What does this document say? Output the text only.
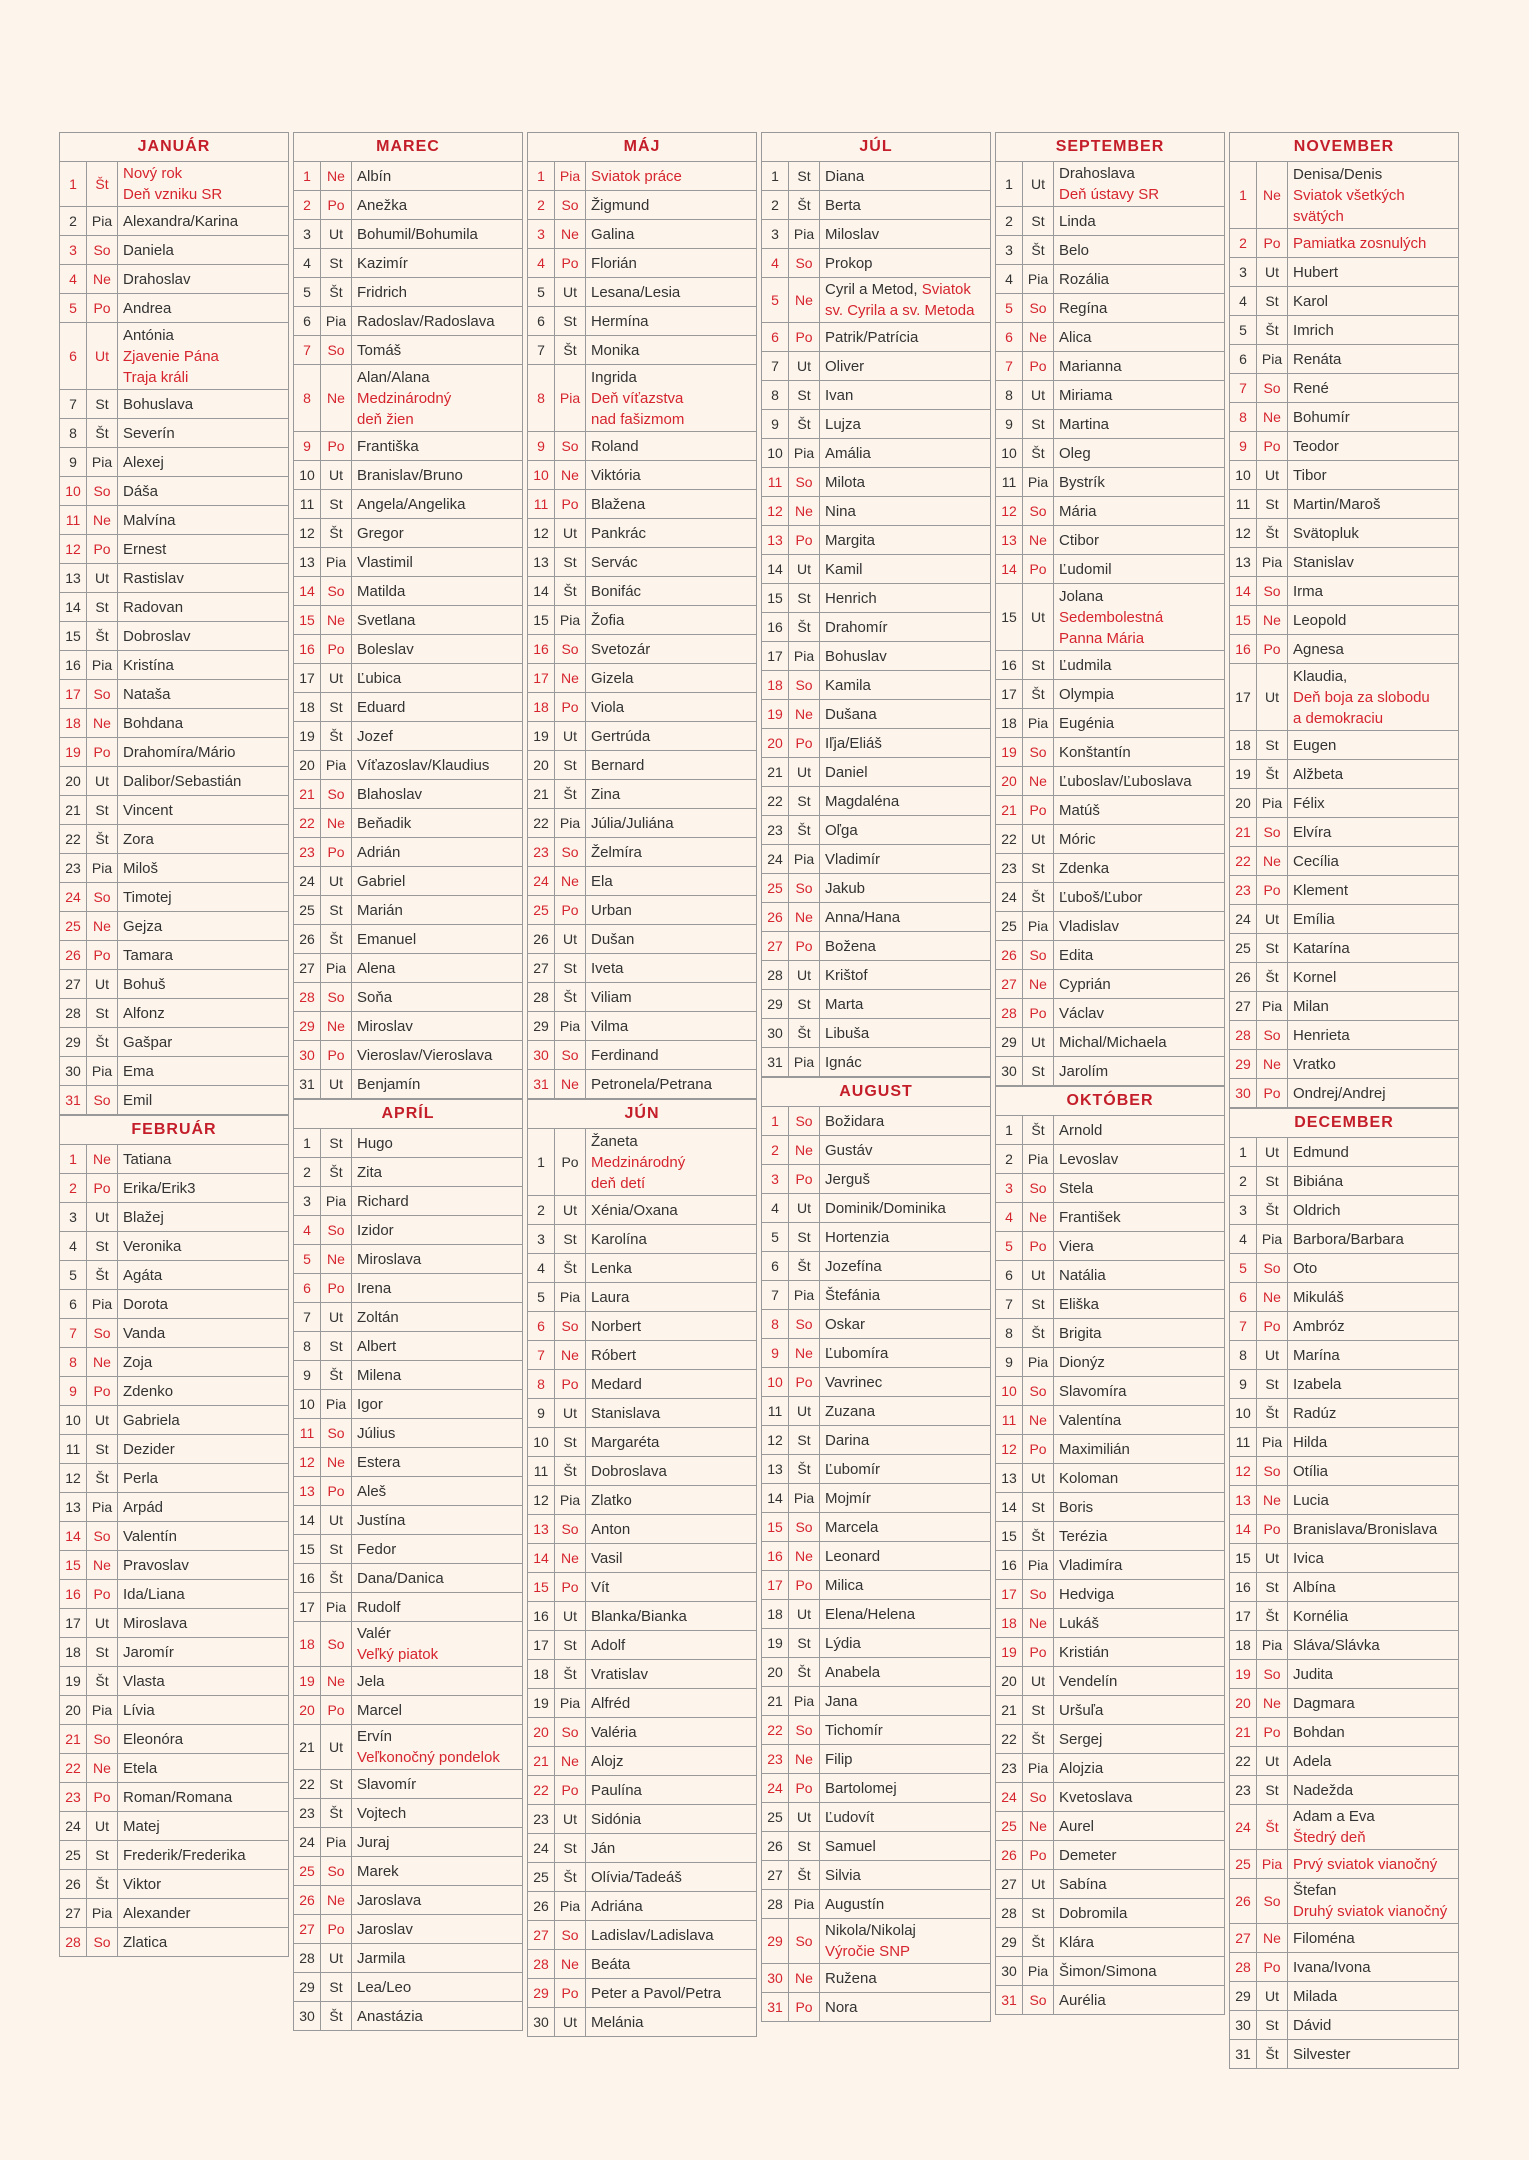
JANUÁR
1	Št
Nový rok
Deň vzniku SR
2	Pia Alexandra/Karina
3	So Daniela
4	Ne Drahoslav
5	Po Andrea
6	Ut
Antónia
Zjavenie Pána
Traja králi
7	St Bohuslava
8	Št Severín
9	Pia Alexej
10 So Dáša
11 Ne Malvína
12 Po Ernest
13	Ut Rastislav
14	St Radovan
15	Št Dobroslav
16 Pia Kristína
17 So Nataša
18 Ne Bohdana
19 Po Drahomíra/Mário
20	Ut Dalibor/Sebastián
21	St Vincent
22	Št Zora
23 Pia Miloš
24 So Timotej
25 Ne Gejza
26 Po Tamara
27	Ut Bohuš
28	St Alfonz
29	Št Gašpar
30 Pia Ema
31 So Emil
FEBRUÁR
1	Ne Tatiana
2	Po Erika/Erik3
3	Ut Blažej
4	St Veronika
5	Št Agáta
6	Pia Dorota
7	So Vanda
8	Ne Zoja
9	Po Zdenko
10	Ut Gabriela
11	St Dezider
12	Št Perla
13 Pia Arpád
14 So Valentín
15 Ne Pravoslav
16 Po Ida/Liana
17	Ut Miroslava
18	St Jaromír
19	Št Vlasta
20 Pia Lívia
21 So Eleonóra
22 Ne Etela
23 Po Roman/Romana
24	Ut Matej
25	St Frederik/Frederika
26	Št Viktor
27 Pia Alexander
28 So Zlatica
MAREC
1	Ne Albín
2	Po Anežka
3	Ut Bohumil/Bohumila
4	St Kazimír
5	Št Fridrich
6	Pia Radoslav/Radoslava
7	So Tomáš
8	Ne
Alan/Alana
Medzinárodný
deň žien
9	Po Františka
10	Ut Branislav/Bruno
11	St Angela/Angelika
12	Št Gregor
13 Pia Vlastimil
14 So Matilda
15 Ne Svetlana
16 Po Boleslav
17	Ut Ľubica
18	St Eduard
19	Št Jozef
20 Pia Víťazoslav/Klaudius
21 So Blahoslav
22 Ne Beňadik
23 Po Adrián
24	Ut Gabriel
25	St Marián
26	Št Emanuel
27 Pia Alena
28 So Soňa
29 Ne Miroslav
30 Po Vieroslav/Vieroslava
31	Ut Benjamín
APRÍL
1	St Hugo
2	Št Zita
3	Pia Richard
4	So Izidor
5	Ne Miroslava
6	Po Irena
7	Ut Zoltán
8	St Albert
9	Št Milena
10 Pia Igor
11 So Július
12 Ne Estera
13 Po Aleš
14	Ut Justína
15	St Fedor
16	Št Dana/Danica
17 Pia Rudolf
18 So
Valér
Veľký piatok
19 Ne Jela
20 Po Marcel
21	Ut
Ervín
Veľkonočný pondelok
22	St Slavomír
23	Št Vojtech
24 Pia Juraj
25 So Marek
26 Ne Jaroslava
27 Po Jaroslav
28	Ut Jarmila
29	St Lea/Leo
30	Št Anastázia
MÁJ
1	Pia Sviatok práce
2	So Žigmund
3	Ne Galina
4	Po Florián
5	Ut Lesana/Lesia
6	St Hermína
7	Št Monika
8	Pia
Ingrida
Deň víťazstva
nad fašizmom
9	So Roland
10 Ne Viktória
11 Po Blažena
12	Ut Pankrác
13	St Servác
14	Št Bonifác
15 Pia Žofia
16 So Svetozár
17 Ne Gizela
18 Po Viola
19	Ut Gertrúda
20	St Bernard
21	Št Zina
22 Pia Júlia/Juliána
23 So Želmíra
24 Ne Ela
25 Po Urban
26	Ut Dušan
27	St Iveta
28	Št Viliam
29 Pia Vilma
30 So Ferdinand
31 Ne Petronela/Petrana
JÚN
1	Po
Žaneta
Medzinárodný
deň detí
2	Ut Xénia/Oxana
3	St Karolína
4	Št Lenka
5	Pia Laura
6	So Norbert
7	Ne Róbert
8	Po Medard
9	Ut Stanislava
10	St Margaréta
11	Št Dobroslava
12 Pia Zlatko
13 So Anton
14 Ne Vasil
15 Po Vít
16	Ut Blanka/Bianka
17	St Adolf
18	Št Vratislav
19 Pia Alfréd
20 So Valéria
21 Ne Alojz
22 Po Paulína
23	Ut Sidónia
24	St Ján
25	Št Olívia/Tadeáš
26 Pia Adriána
27 So Ladislav/Ladislava
28 Ne Beáta
29 Po Peter a Pavol/Petra
30	Ut Melánia
JÚL
1	St Diana
2	Št Berta
3	Pia Miloslav
4	So Prokop
5	Ne
Cyril a Metod, Sviatok
sv. Cyrila a sv. Metoda
6	Po Patrik/Patrícia
7	Ut Oliver
8	St Ivan
9	Št Lujza
10 Pia Amália
11 So Milota
12 Ne Nina
13 Po Margita
14	Ut Kamil
15	St Henrich
16	Št Drahomír
17 Pia Bohuslav
18 So Kamila
19 Ne Dušana
20 Po Iľja/Eliáš
21	Ut Daniel
22	St Magdaléna
23	Št Oľga
24 Pia Vladimír
25 So Jakub
26 Ne Anna/Hana
27 Po Božena
28	Ut Krištof
29	St Marta
30	Št Libuša
31 Pia Ignác
AUGUST
1	So Božidara
2	Ne Gustáv
3	Po Jerguš
4	Ut Dominik/Dominika
5	St Hortenzia
6	Št Jozefína
7	Pia Štefánia
8	So Oskar
9	Ne Ľubomíra
10 Po Vavrinec
11	Ut Zuzana
12	St Darina
13	Št Ľubomír
14 Pia Mojmír
15 So Marcela
16 Ne Leonard
17 Po Milica
18	Ut Elena/Helena
19	St Lýdia
20	Št Anabela
21 Pia Jana
22 So Tichomír
23 Ne Filip
24 Po Bartolomej
25	Ut Ľudovít
26	St Samuel
27	Št Silvia
28 Pia Augustín
29 So
Nikola/Nikolaj
Výročie SNP
30 Ne Ružena
31 Po Nora
SEPTEMBER
1	Ut
Drahoslava
Deň ústavy SR
2	St Linda
3	Št Belo
4	Pia Rozália
5	So Regína
6	Ne Alica
7	Po Marianna
8	Ut Miriama
9	St Martina
10	Št Oleg
11 Pia Bystrík
12 So Mária
13 Ne Ctibor
14 Po Ľudomil
15	Ut
Jolana
Sedembolestná
Panna Mária
16	St Ľudmila
17	Št Olympia
18 Pia Eugénia
19 So Konštantín
20 Ne Ľuboslav/Ľuboslava
21 Po Matúš
22	Ut Móric
23	St Zdenka
24	Št Ľuboš/Ľubor
25 Pia Vladislav
26 So Edita
27 Ne Cyprián
28 Po Václav
29	Ut Michal/Michaela
30	St Jarolím
OKTÓBER
1	Št Arnold
2	Pia Levoslav
3	So Stela
4	Ne František
5	Po Viera
6	Ut Natália
7	St Eliška
8	Št Brigita
9	Pia Dionýz
10 So Slavomíra
11 Ne Valentína
12 Po Maximilián
13	Ut Koloman
14	St Boris
15	Št Terézia
16 Pia Vladimíra
17 So Hedviga
18 Ne Lukáš
19 Po Kristián
20	Ut Vendelín
21	St Uršuľa
22	Št Sergej
23 Pia Alojzia
24 So Kvetoslava
25 Ne Aurel
26 Po Demeter
27	Ut Sabína
28	St Dobromila
29	Št Klára
30 Pia Šimon/Simona
31 So Aurélia
NOVEMBER
1	Ne
Denisa/Denis
Sviatok všetkých
svätých
2	Po Pamiatka zosnulých
3	Ut Hubert
4	St Karol
5	Št Imrich
6	Pia Renáta
7	So René
8	Ne Bohumír
9	Po Teodor
10	Ut Tibor
11	St Martin/Maroš
12	Št Svätopluk
13 Pia Stanislav
14 So Irma
15 Ne Leopold
16 Po Agnesa
17	Ut
Klaudia,
Deň boja za slobodu
a demokraciu
18	St Eugen
19	Št Alžbeta
20 Pia Félix
21 So Elvíra
22 Ne Cecília
23 Po Klement
24	Ut Emília
25	St Katarína
26	Št Kornel
27 Pia Milan
28 So Henrieta
29 Ne Vratko
30 Po Ondrej/Andrej
DECEMBER
1	Ut Edmund
2	St Bibiána
3	Št Oldrich
4	Pia Barbora/Barbara
5	So Oto
6	Ne Mikuláš
7	Po Ambróz
8	Ut Marína
9	St Izabela
10	Št Radúz
11 Pia Hilda
12 So Otília
13 Ne Lucia
14 Po Branislava/Bronislava
15	Ut Ivica
16	St Albína
17	Št Kornélia
18 Pia Sláva/Slávka
19 So Judita
20 Ne Dagmara
21 Po Bohdan
22	Ut Adela
23	St Nadežda
24	Št
Adam a Eva
Štedrý deň
25 Pia Prvý sviatok vianočný
26 So
Štefan
Druhý sviatok vianočný
27 Ne Filoména
28 Po Ivana/Ivona
29	Ut Milada
30	St Dávid
31	Št Silvester
